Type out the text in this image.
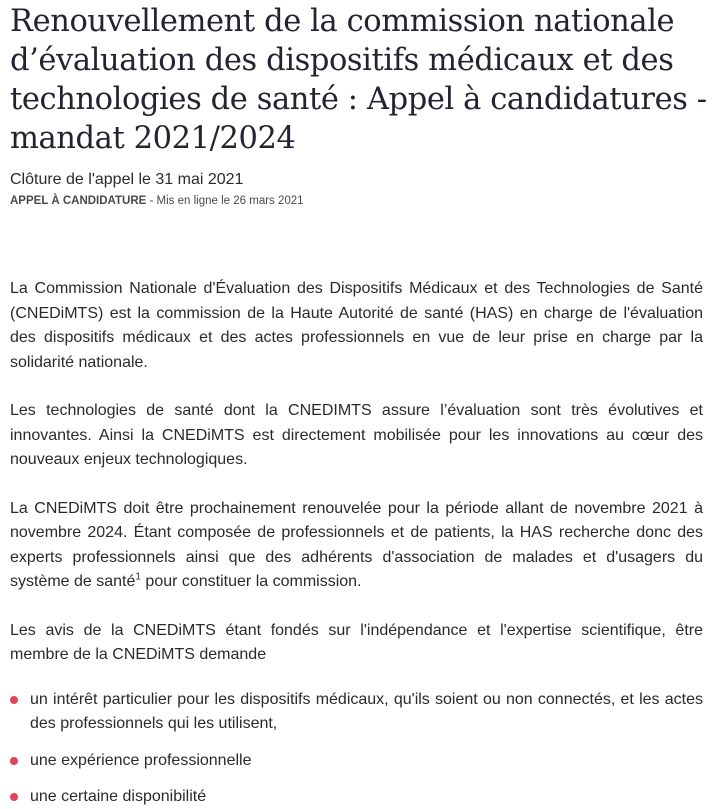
Renouvellement de la commission nationale d’évaluation des dispositifs médicaux et des technologies de santé : Appel à candidatures - mandat 2021/2024

Clôture de l'appel le 31 mai 2021

APPEL À CANDIDATURE - Mis en ligne le 26 mars 2021

La Commission Nationale d'Évaluation des Dispositifs Médicaux et des Technologies de Santé (CNEDiMTS) est la commission de la Haute Autorité de santé (HAS) en charge de l'évaluation des dispositifs médicaux et des actes professionnels en vue de leur prise en charge par la solidarité nationale.

Les technologies de santé dont la CNEDIMTS assure l’évaluation sont très évolutives et innovantes. Ainsi la CNEDiMTS est directement mobilisée pour les innovations au cœur des nouveaux enjeux technologiques.

La CNEDiMTS doit être prochainement renouvelée pour la période allant de novembre 2021 à novembre 2024. Étant composée de professionnels et de patients, la HAS recherche donc des experts professionnels ainsi que des adhérents d'association de malades et d'usagers du système de santé$^1$ pour constituer la commission.

Les avis de la CNEDiMTS étant fondés sur l'indépendance et l'expertise scientifique, être membre de la CNEDiMTS demande

un intérêt particulier pour les dispositifs médicaux, qu'ils soient ou non connectés, et les actes des professionnels qui les utilisent,
une expérience professionnelle
une certaine disponibilité
